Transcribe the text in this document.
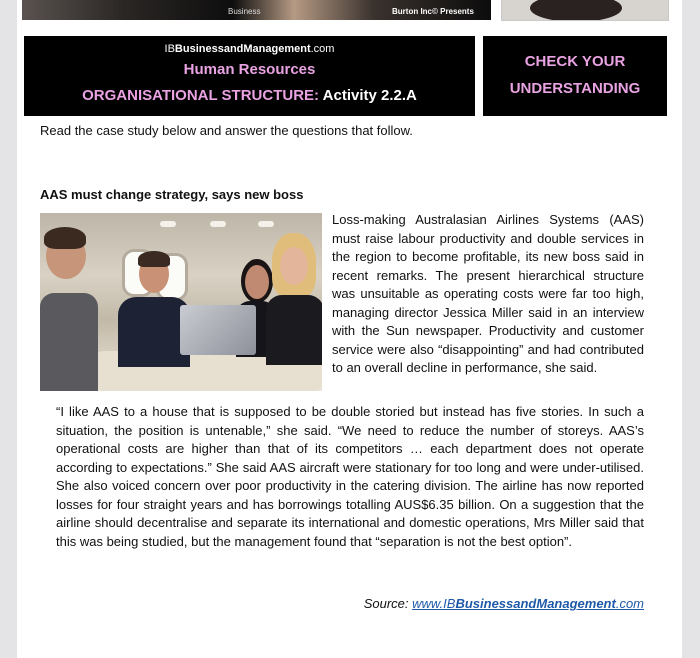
Business	Burton Inc© Presents
IBBusinessandManagement.com
Human Resources
ORGANISATIONAL STRUCTURE: Activity 2.2.A
CHECK YOUR
UNDERSTANDING
Read the case study below and answer the questions that follow.
AAS must change strategy, says new boss
Loss-making Australasian Airlines Systems (AAS) must raise labour productivity and double services in the region to become profitable, its new boss said in recent remarks. The present hierarchical structure was unsuitable as operating costs were far too high, managing director Jessica Miller said in an interview with the Sun newspaper. Productivity and customer service were also “disappointing” and had contributed to an overall decline in performance, she said.
“I like AAS to a house that is supposed to be double storied but instead has five stories. In such a situation, the position is untenable,” she said. “We need to reduce the number of storeys. AAS’s operational costs are higher than that of its competitors … each department does not operate according to expectations.” She said AAS aircraft were stationary for too long and were under-utilised. She also voiced concern over poor productivity in the catering division. The airline has now reported losses for four straight years and has borrowings totalling AUS$6.35 billion. On a suggestion that the airline should decentralise and separate its international and domestic operations, Mrs Miller said that this was being studied, but the management found that “separation is not the best option”.
Source: www.IBBusinessandManagement.com
